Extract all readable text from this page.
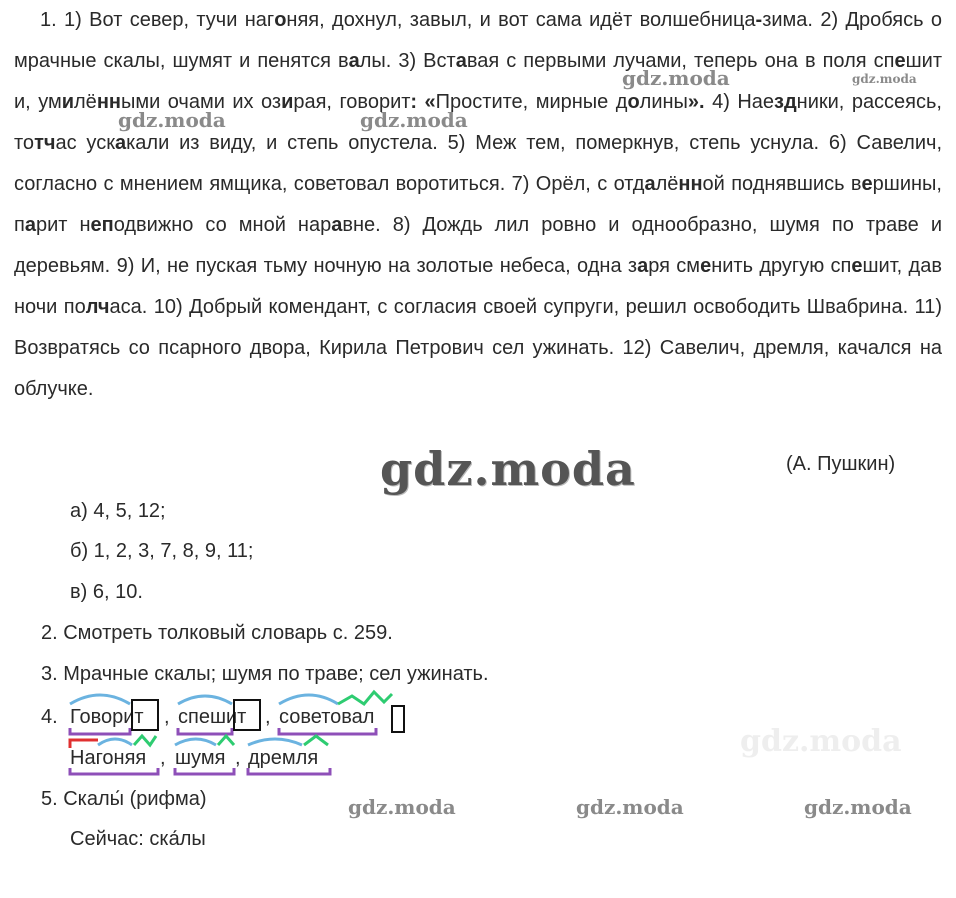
1. 1) Вот север, тучи нагоняя, дохнул, завыл, и вот сама идёт волшебница-зима. 2) Дробясь о мрачные скалы, шумят и пенятся валы. 3) Вставая с первыми лучами, теперь она в поля спешит и, умилёнными очами их озирая, говорит: «Простите, мирные долины». 4) Наездники, рассеясь, тотчас ускакали из виду, и степь опустела. 5) Меж тем, померкнув, степь уснула. 6) Савелич, согласно с мнением ямщика, советовал воротиться. 7) Орёл, с отдалённой поднявшись вершины, парит неподвижно со мной наравне. 8) Дождь лил ровно и однообразно, шумя по траве и деревьям. 9) И, не пуская тьму ночную на золотые небеса, одна заря сменить другую спешит, дав ночи полчаса. 10) Добрый комендант, с согласия своей супруги, решил освободить Швабрина. 11) Возвратясь со псарного двора, Кирила Петрович сел ужинать. 12) Савелич, дремля, качался на облучке.

gdz.moda	gdz.moda
gdz.moda	gdz.moda
gdz.moda
gdz.moda	gdz.moda	gdz.moda
gdz.moda
(А. Пушкин)
а) 4, 5, 12;
б) 1, 2, 3, 7, 8, 9, 11;
в) 6, 10.
2. Смотреть толковый словарь с. 259.
3. Мрачные скалы; шумя по траве; сел ужинать.
4. Говорит , спешит , советовал
Нагоняя , шумя , дремля
5. Скалы́ (рифма)
Сейчас: ска́лы
